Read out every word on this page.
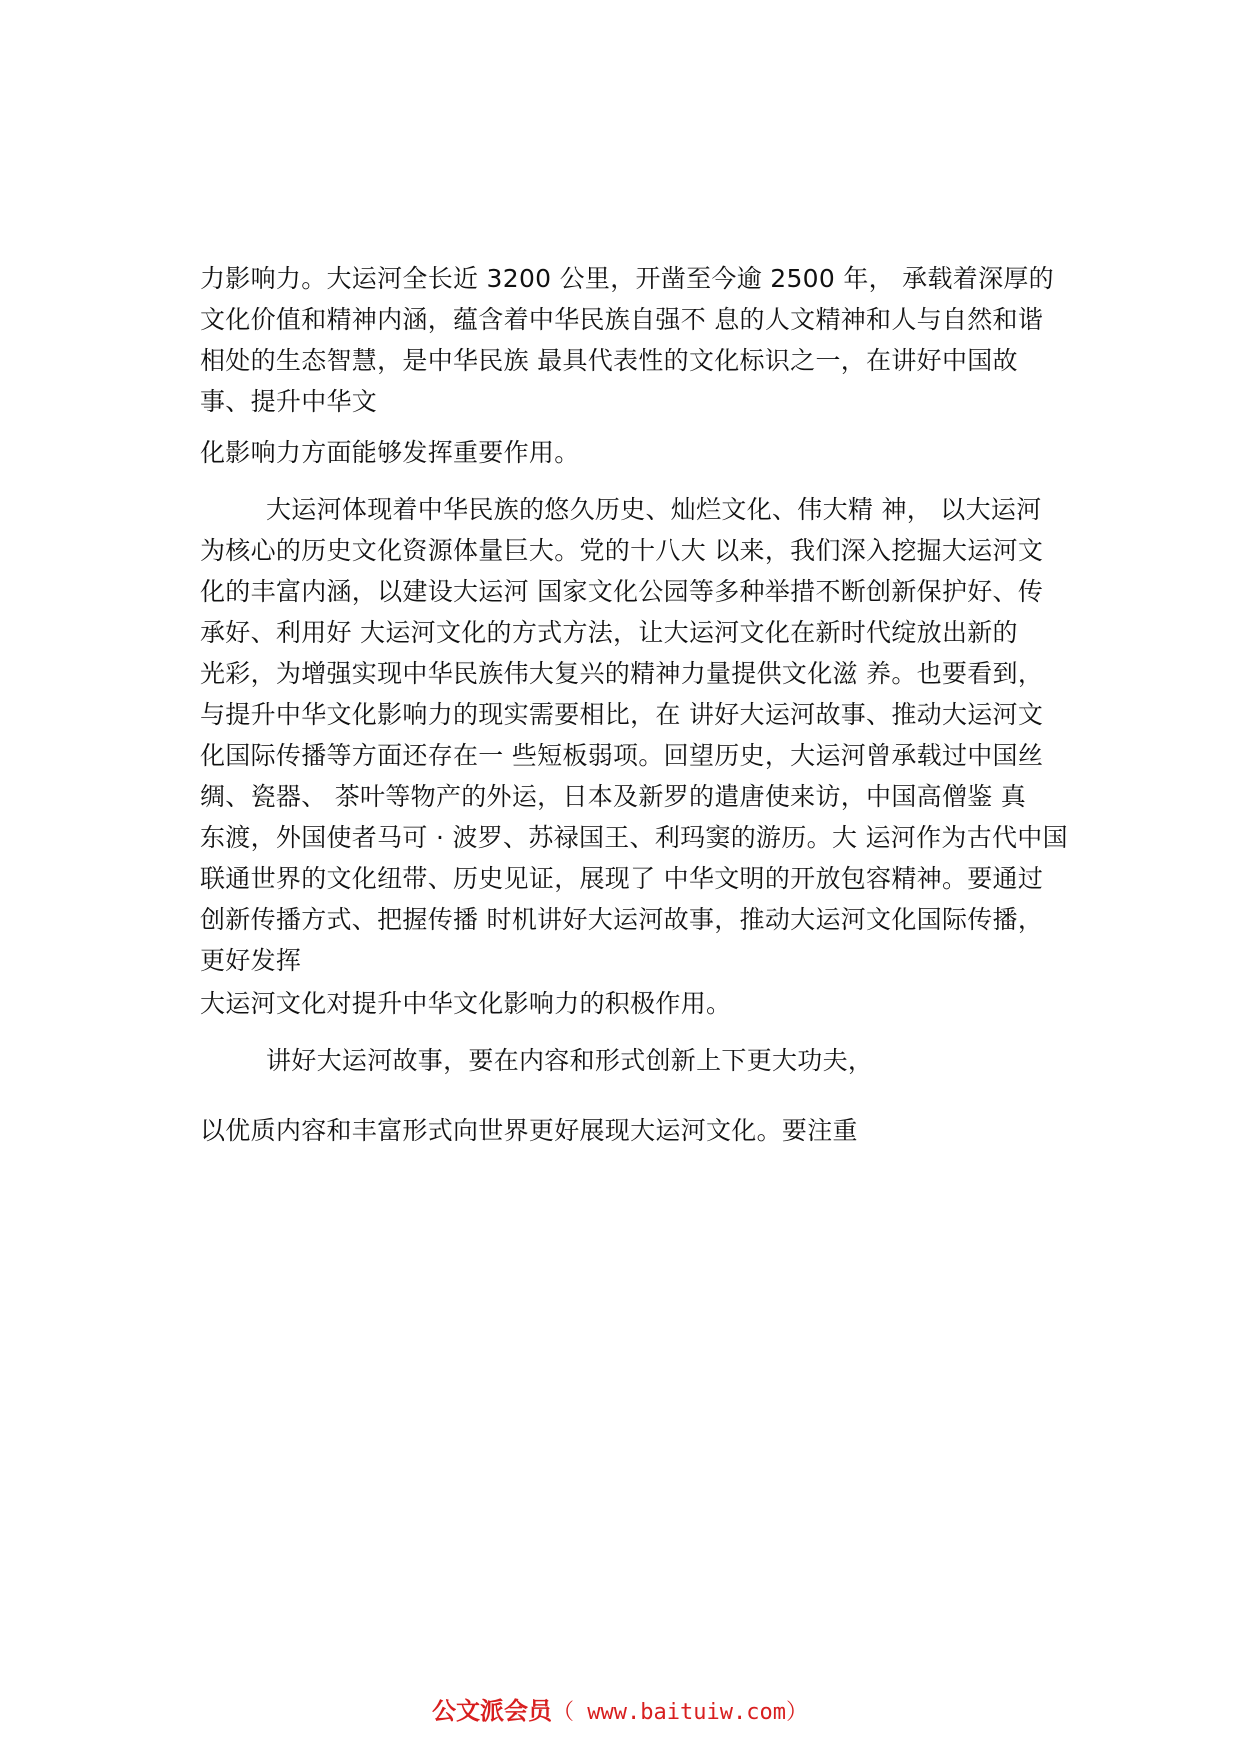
力影响力。大运河全长近 3200 公里，开凿至今逾 2500 年， 承载着深厚的
文化价值和精神内涵，蕴含着中华民族自强不 息的人文精神和人与自然和谐
相处的生态智慧，是中华民族 最具代表性的文化标识之一，在讲好中国故
事、提升中华文
化影响力方面能够发挥重要作用。
大运河体现着中华民族的悠久历史、灿烂文化、伟大精 神， 以大运河
为核心的历史文化资源体量巨大。党的十八大 以来，我们深入挖掘大运河文
化的丰富内涵，以建设大运河 国家文化公园等多种举措不断创新保护好、传
承好、利用好 大运河文化的方式方法，让大运河文化在新时代绽放出新的
光彩，为增强实现中华民族伟大复兴的精神力量提供文化滋 养。也要看到，
与提升中华文化影响力的现实需要相比，在 讲好大运河故事、推动大运河文
化国际传播等方面还存在一 些短板弱项。回望历史，大运河曾承载过中国丝
绸、瓷器、 茶叶等物产的外运，日本及新罗的遣唐使来访，中国高僧鉴 真
东渡，外国使者马可 · 波罗、苏禄国王、利玛窦的游历。大 运河作为古代中国
联通世界的文化纽带、历史见证，展现了 中华文明的开放包容精神。要通过
创新传播方式、把握传播 时机讲好大运河故事，推动大运河文化国际传播，
更好发挥
大运河文化对提升中华文化影响力的积极作用。
讲好大运河故事，要在内容和形式创新上下更大功夫，
以优质内容和丰富形式向世界更好展现大运河文化。要注重
公文派会员（ www.baituiw.com）
